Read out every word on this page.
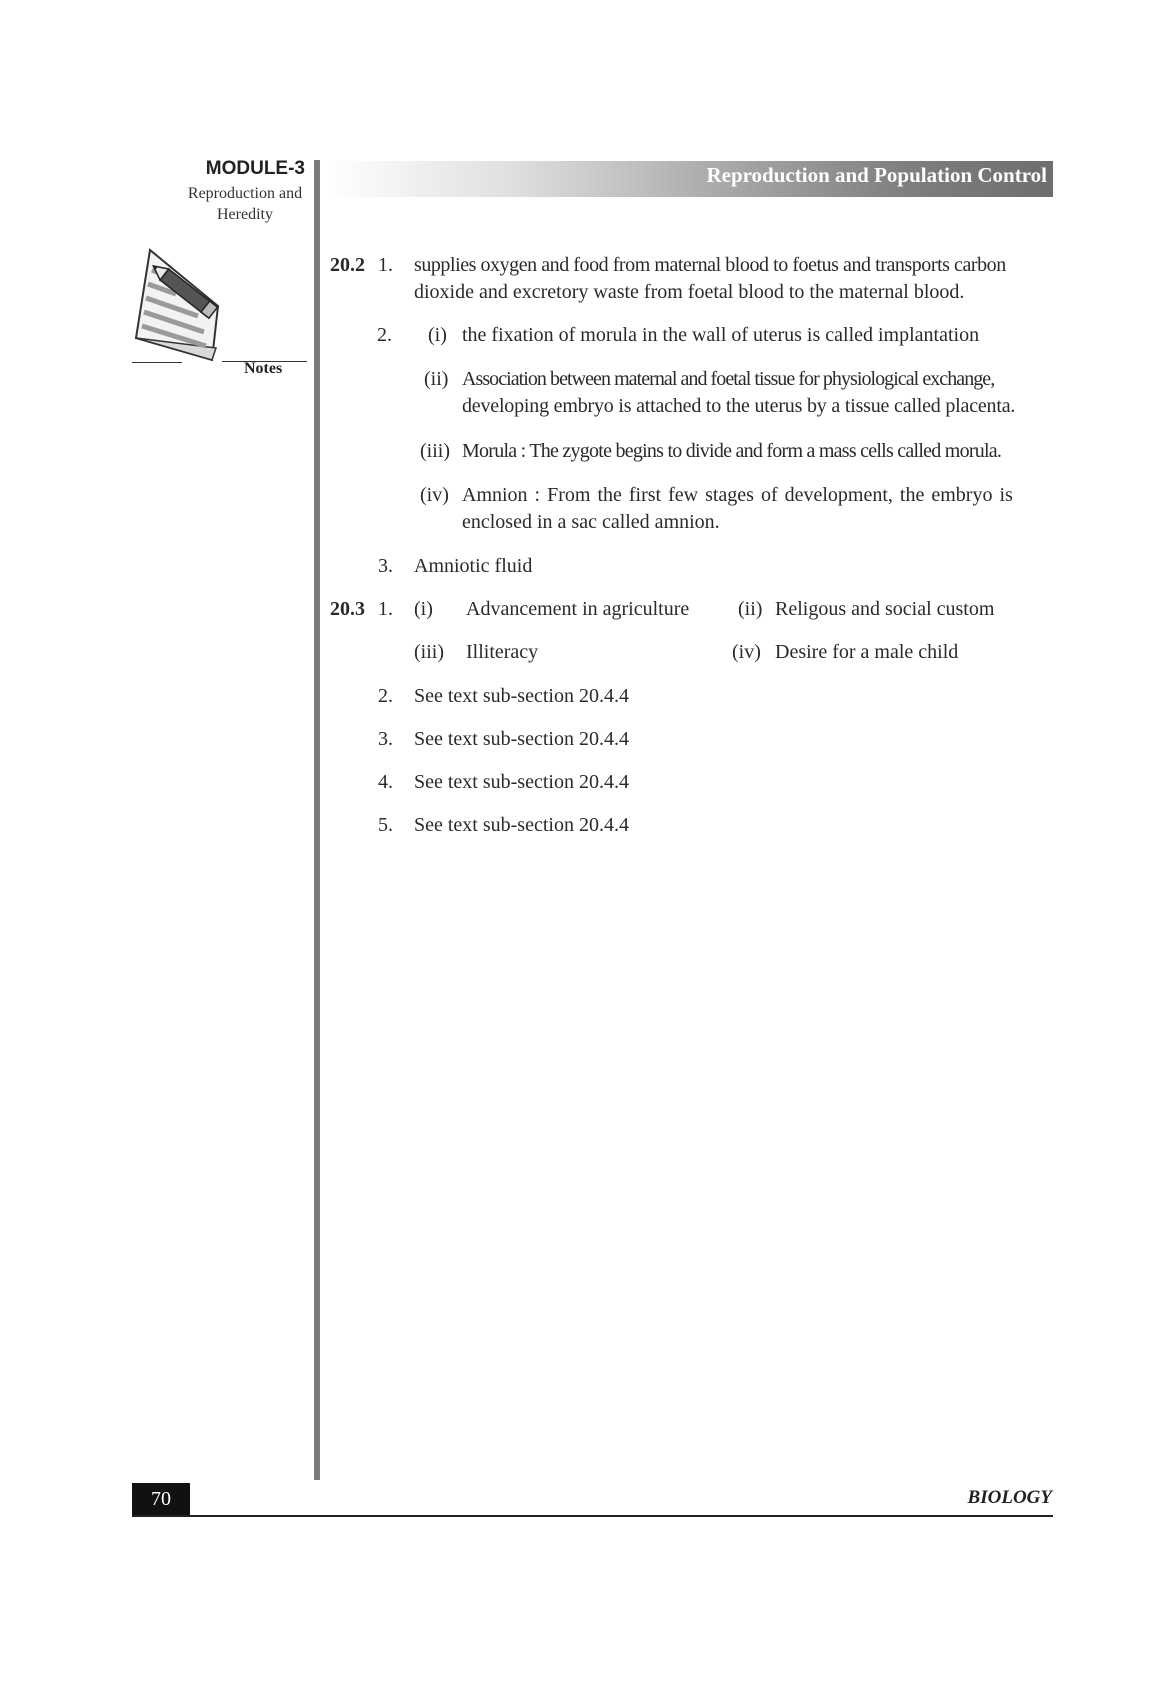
MODULE-3
Reproduction and
Heredity
Notes
Reproduction and Population Control
20.2 1. supplies oxygen and food from maternal blood to foetus and transports carbon
dioxide and excretory waste from foetal blood to the maternal blood.
2. (i) the fixation of morula in the wall of uterus is called implantation
(ii) Association between maternal and foetal tissue for physiological exchange,
developing embryo is attached to the uterus by a tissue called placenta.
(iii) Morula : The zygote begins to divide and form a mass cells called morula.
(iv) Amnion : From the first few stages of development, the embryo is
enclosed in a sac called amnion.
3. Amniotic fluid
20.3 1. (i) Advancement in agriculture (ii) Religous and social custom
(iii) Illiteracy	(iv) Desire for a male child
2. See text sub-section 20.4.4
3. See text sub-section 20.4.4
4. See text sub-section 20.4.4
5. See text sub-section 20.4.4
70	BIOLOGY
